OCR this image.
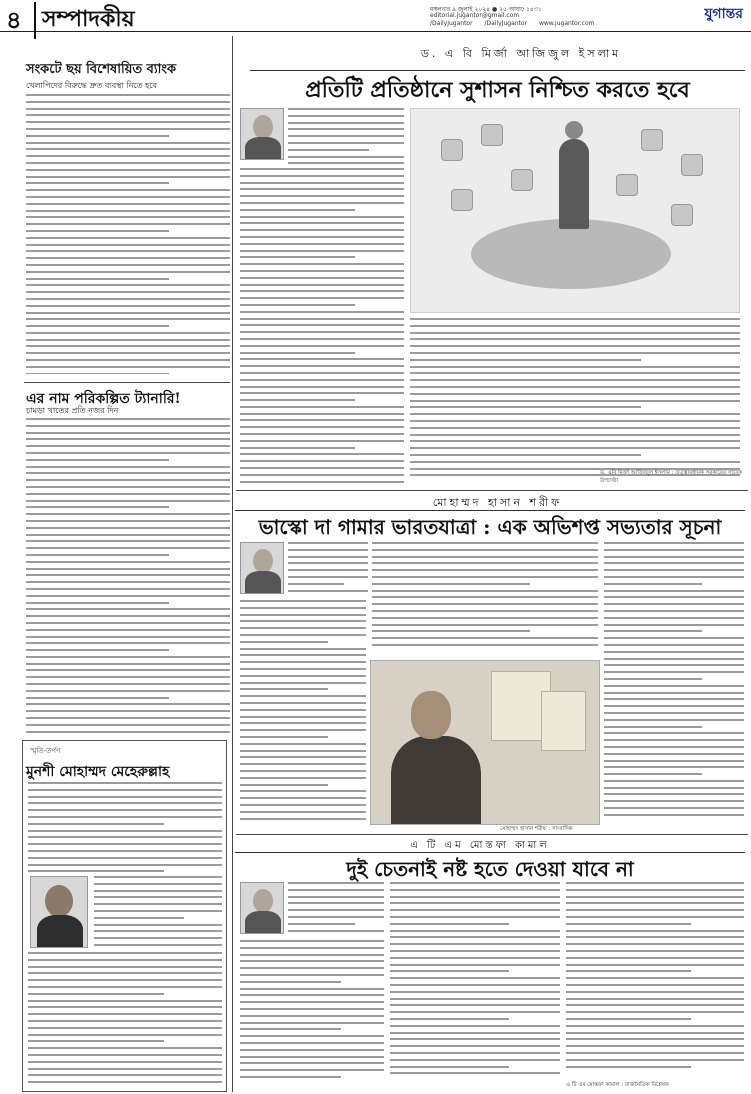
৪ সম্পাদকীয়	মঙ্গলবার ৯ জুলাই ২০২৪ ● ২৫ আষাঢ় ১৪৩১
editorial.jugantor@gmail.com
/DailyJugantor /DailyJugantor www.jugantor.com
যুগান্তর
সংকটে ছয় বিশেষায়িত ব্যাংক
খেলাপিদের বিরুদ্ধে দ্রুত ব্যবস্থা নিতে হবে
এর নাম পরিকল্পিত ট্যানারি!
চামড়া খাতের প্রতি নজর দিন
স্মৃতি-তর্পণ
মুনশী মোহাম্মদ মেহেরুল্লাহ
ড. এ বি মির্জা আজিজুল ইসলাম
প্রতিটি প্রতিষ্ঠানে সুশাসন নিশ্চিত করতে হবে
ড. এবি মির্জা আজিজুল ইসলাম : তত্ত্বাবধায়ক সরকারের সাবেক উপদেষ্টা
মোহাম্মদ হাসান শরীফ
ভাস্কো দা গামার ভারতযাত্রা : এক অভিশপ্ত সভ্যতার সূচনা
মোহাম্মদ হাসান শরীফ : সাংবাদিক
এ টি এম মোস্তফা কামাল
দুই চেতনাই নষ্ট হতে দেওয়া যাবে না
এ টি এম মোস্তফা কামাল : রাজনৈতিক বিশ্লেষক
